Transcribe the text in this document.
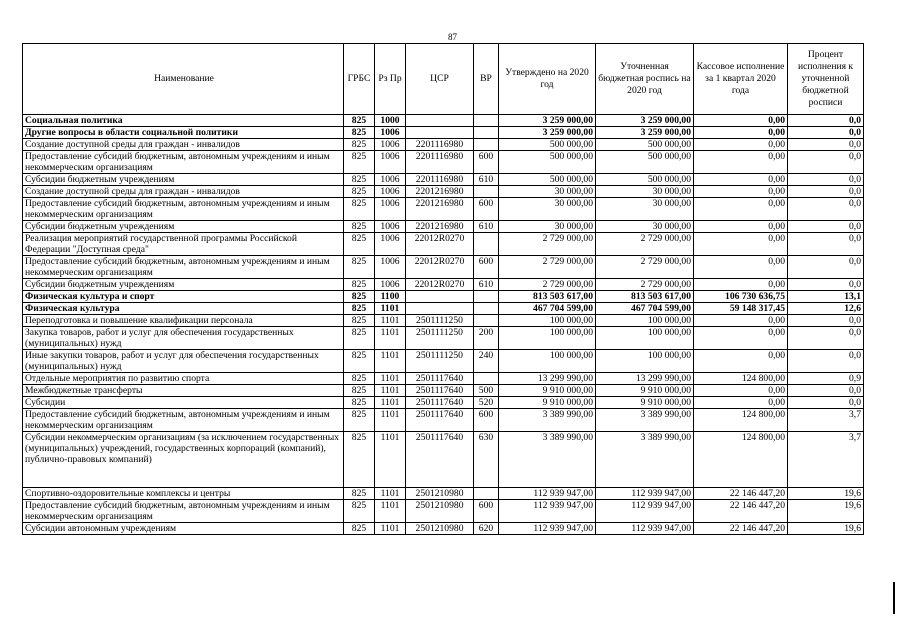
87
Наименование	ГРБС	Рз Пр	ЦСР	ВР	Утверждено на 2020 год	Уточненная бюджетная роспись на 2020 год	Кассовое исполнение за 1 квартал 2020 года	Процент исполнения к уточненной бюджетной росписи
Социальная политика	825	1000			3 259 000,00	3 259 000,00	0,00	0,0
Другие вопросы в области социальной политики	825	1006			3 259 000,00	3 259 000,00	0,00	0,0
Создание доступной среды для граждан - инвалидов	825	1006	2201116980		500 000,00	500 000,00	0,00	0,0
Предоставление субсидий бюджетным, автономным учреждениям и иным некоммерческим организациям	825	1006	2201116980	600	500 000,00	500 000,00	0,00	0,0
Субсидии бюджетным учреждениям	825	1006	2201116980	610	500 000,00	500 000,00	0,00	0,0
Создание доступной среды для граждан - инвалидов	825	1006	2201216980		30 000,00	30 000,00	0,00	0,0
Предоставление субсидий бюджетным, автономным учреждениям и иным некоммерческим организациям	825	1006	2201216980	600	30 000,00	30 000,00	0,00	0,0
Субсидии бюджетным учреждениям	825	1006	2201216980	610	30 000,00	30 000,00	0,00	0,0
Реализация мероприятий государственной программы Российской Федерации "Доступная среда"	825	1006	22012R0270		2 729 000,00	2 729 000,00	0,00	0,0
Предоставление субсидий бюджетным, автономным учреждениям и иным некоммерческим организациям	825	1006	22012R0270	600	2 729 000,00	2 729 000,00	0,00	0,0
Субсидии бюджетным учреждениям	825	1006	22012R0270	610	2 729 000,00	2 729 000,00	0,00	0,0
Физическая культура и спорт	825	1100			813 503 617,00	813 503 617,00	106 730 636,75	13,1
Физическая культура	825	1101			467 704 599,00	467 704 599,00	59 148 317,45	12,6
Переподготовка и повышение квалификации персонала	825	1101	2501111250		100 000,00	100 000,00	0,00	0,0
Закупка товаров, работ и услуг для обеспечения государственных (муниципальных) нужд	825	1101	2501111250	200	100 000,00	100 000,00	0,00	0,0
Иные закупки товаров, работ и услуг для обеспечения государственных (муниципальных) нужд	825	1101	2501111250	240	100 000,00	100 000,00	0,00	0,0
Отдельные мероприятия по развитию спорта	825	1101	2501117640		13 299 990,00	13 299 990,00	124 800,00	0,9
Межбюджетные трансферты	825	1101	2501117640	500	9 910 000,00	9 910 000,00	0,00	0,0
Субсидии	825	1101	2501117640	520	9 910 000,00	9 910 000,00	0,00	0,0
Предоставление субсидий бюджетным, автономным учреждениям и иным некоммерческим организациям	825	1101	2501117640	600	3 389 990,00	3 389 990,00	124 800,00	3,7
Субсидии некоммерческим организациям (за исключением государственных (муниципальных) учреждений, государственных корпораций (компаний), публично-правовых компаний)	825	1101	2501117640	630	3 389 990,00	3 389 990,00	124 800,00	3,7
Спортивно-оздоровительные комплексы и центры	825	1101	2501210980		112 939 947,00	112 939 947,00	22 146 447,20	19,6
Предоставление субсидий бюджетным, автономным учреждениям и иным некоммерческим организациям	825	1101	2501210980	600	112 939 947,00	112 939 947,00	22 146 447,20	19,6
Субсидии автономным учреждениям	825	1101	2501210980	620	112 939 947,00	112 939 947,00	22 146 447,20	19,6
